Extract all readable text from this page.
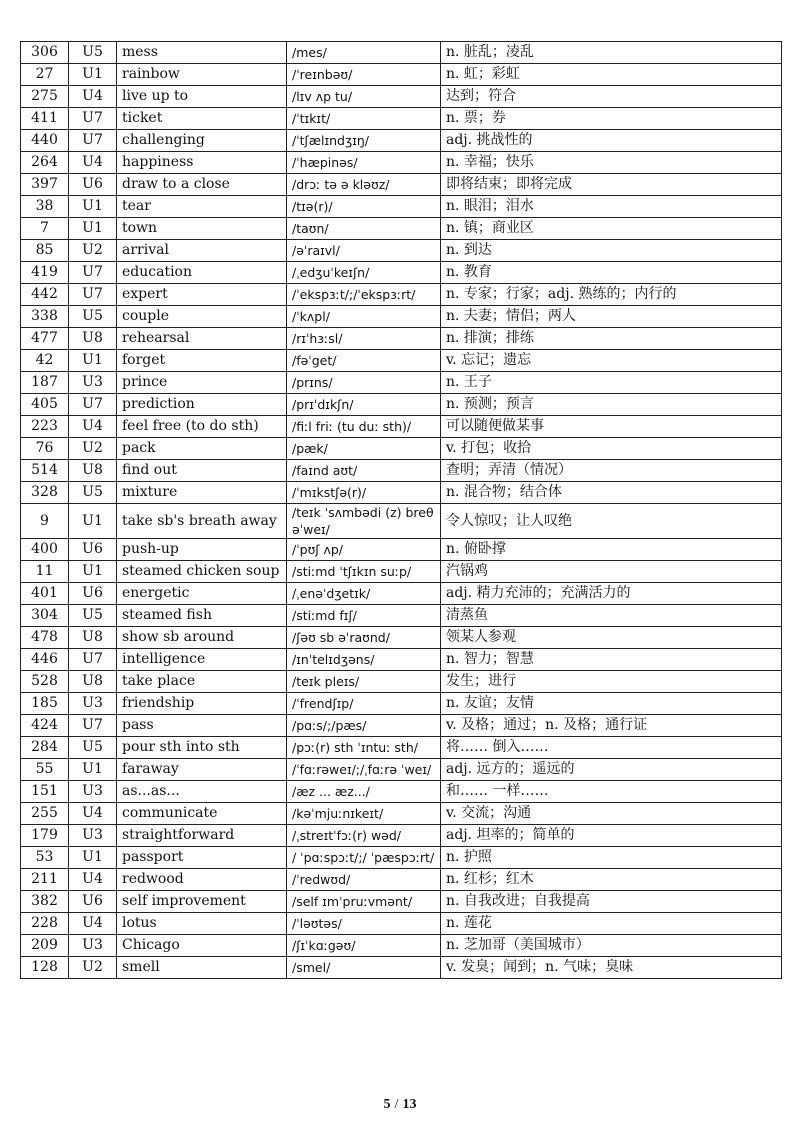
306	U5	mess	/mes/	n. 脏乱；凌乱
27	U1	rainbow	/ˈreɪnbəʊ/	n. 虹；彩虹
275	U4	live up to	/lɪv ʌp tu/	达到；符合
411	U7	ticket	/ˈtɪkɪt/	n. 票；券
440	U7	challenging	/ˈtʃælɪndʒɪŋ/	adj. 挑战性的
264	U4	happiness	/ˈhæpinəs/	n. 幸福；快乐
397	U6	draw to a close	/drɔː tə ə kləʊz/	即将结束；即将完成
38	U1	tear	/tɪə(r)/	n. 眼泪；泪水
7	U1	town	/taʊn/	n. 镇；商业区
85	U2	arrival	/əˈraɪvl/	n. 到达
419	U7	education	/ˌedʒuˈkeɪʃn/	n. 教育
442	U7	expert	/ˈekspɜːt/;/ˈekspɜːrt/	n. 专家；行家；adj. 熟练的；内行的
338	U5	couple	/ˈkʌpl/	n. 夫妻；情侣；两人
477	U8	rehearsal	/rɪˈhɜːsl/	n. 排演；排练
42	U1	forget	/fəˈget/	v. 忘记；遗忘
187	U3	prince	/prɪns/	n. 王子
405	U7	prediction	/prɪˈdɪkʃn/	n. 预测；预言
223	U4	feel free (to do sth)	/fiːl friː (tu duː sth)/	可以随便做某事
76	U2	pack	/pæk/	v. 打包；收拾
514	U8	find out	/faɪnd aʊt/	查明；弄清（情况）
328	U5	mixture	/ˈmɪkstʃə(r)/	n. 混合物；结合体
9	U1	take sb's breath away	/teɪk ˈsʌmbədi (z) breθ əˈweɪ/	令人惊叹；让人叹绝
400	U6	push-up	/ˈpʊʃ ʌp/	n. 俯卧撑
11	U1	steamed chicken soup	/stiːmd ˈtʃɪkɪn suːp/	汽锅鸡
401	U6	energetic	/ˌenəˈdʒetɪk/	adj. 精力充沛的；充满活力的
304	U5	steamed fish	/stiːmd fɪʃ/	清蒸鱼
478	U8	show sb around	/ʃəʊ sb əˈraʊnd/	领某人参观
446	U7	intelligence	/ɪnˈtelɪdʒəns/	n. 智力；智慧
528	U8	take place	/teɪk pleɪs/	发生；进行
185	U3	friendship	/ˈfrendʃɪp/	n. 友谊；友情
424	U7	pass	/pɑːs/;/pæs/	v. 及格；通过；n. 及格；通行证
284	U5	pour sth into sth	/pɔː(r) sth ˈɪntuː sth/	将…… 倒入……
55	U1	faraway	/ˈfɑːrəweɪ/;/ˌfɑːrə ˈweɪ/	adj. 远方的；遥远的
151	U3	as...as...	/æz ... æz.../	和…… 一样……
255	U4	communicate	/kəˈmjuːnɪkeɪt/	v. 交流；沟通
179	U3	straightforward	/ˌstreɪtˈfɔː(r) wəd/	adj. 坦率的；简单的
53	U1	passport	/ ˈpɑːspɔːt/;/ ˈpæspɔːrt/	n. 护照
211	U4	redwood	/ˈredwʊd/	n. 红杉；红木
382	U6	self improvement	/self ɪmˈpruːvmənt/	n. 自我改进；自我提高
228	U4	lotus	/ˈləʊtəs/	n. 莲花
209	U3	Chicago	/ʃɪˈkɑːgəʊ/	n. 芝加哥（美国城市）
128	U2	smell	/smel/	v. 发臭；闻到；n. 气味；臭味
5 / 13
